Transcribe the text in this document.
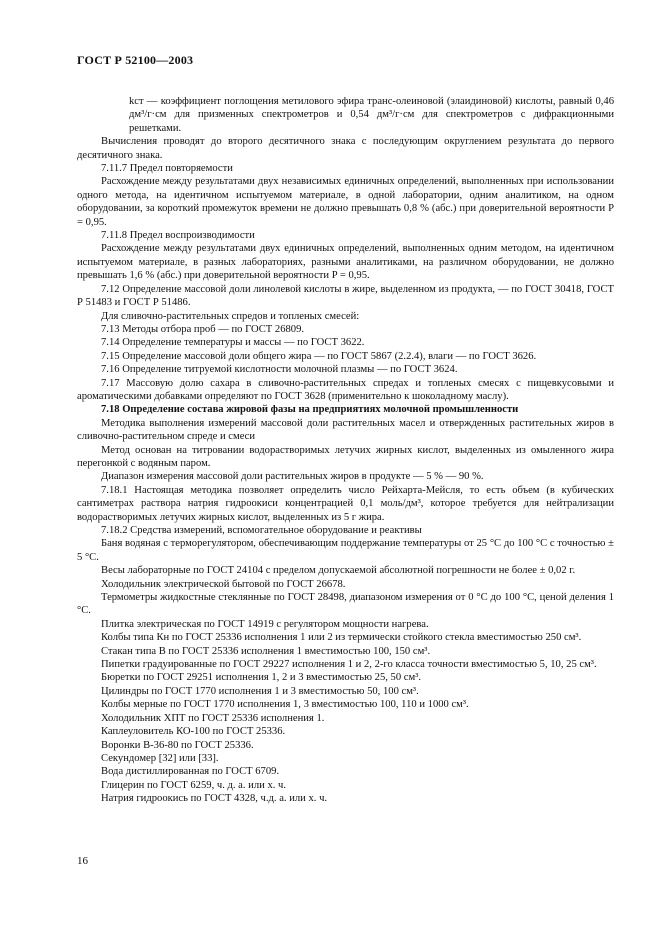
ГОСТ Р 52100—2003

kст — коэффициент поглощения метилового эфира транс-олеиновой (элаидиновой) кислоты, равный 0,46 дм³/г·см для призменных спектрометров и 0,54 дм³/г·см для спектрометров с дифракционными решетками.

Вычисления проводят до второго десятичного знака с последующим округлением результата до первого десятичного знака.

7.11.7 Предел повторяемости

Расхождение между результатами двух независимых единичных определений, выполненных при использовании одного метода, на идентичном испытуемом материале, в одной лаборатории, одним аналитиком, на одном оборудовании, за короткий промежуток времени не должно превышать 0,8 % (абс.) при доверительной вероятности P = 0,95.

7.11.8 Предел воспроизводимости

Расхождение между результатами двух единичных определений, выполненных одним методом, на идентичном испытуемом материале, в разных лабораториях, разными аналитиками, на различном оборудовании, не должно превышать 1,6 % (абс.) при доверительной вероятности P = 0,95.

7.12 Определение массовой доли линолевой кислоты в жире, выделенном из продукта, — по ГОСТ 30418, ГОСТ Р 51483 и ГОСТ Р 51486.

Для сливочно-растительных спредов и топленых смесей:

7.13 Методы отбора проб — по ГОСТ 26809.

7.14 Определение температуры и массы — по ГОСТ 3622.

7.15 Определение массовой доли общего жира — по ГОСТ 5867 (2.2.4), влаги — по ГОСТ 3626.

7.16 Определение титруемой кислотности молочной плазмы — по ГОСТ 3624.

7.17 Массовую долю сахара в сливочно-растительных спредах и топленых смесях с пищевкусовыми и ароматическими добавками определяют по ГОСТ 3628 (применительно к шоколадному маслу).

7.18 Определение состава жировой фазы на предприятиях молочной промышленности

Методика выполнения измерений массовой доли растительных масел и отвержденных растительных жиров в сливочно-растительном спреде и смеси

Метод основан на титровании водорастворимых летучих жирных кислот, выделенных из омыленного жира перегонкой с водяным паром.

Диапазон измерения массовой доли растительных жиров в продукте — 5 % — 90 %.

7.18.1 Настоящая методика позволяет определить число Рейхарта-Мейсля, то есть объем (в кубических сантиметрах раствора натрия гидроокиси концентрацией 0,1 моль/дм³, которое требуется для нейтрализации водорастворимых летучих жирных кислот, выделенных из 5 г жира.

7.18.2 Средства измерений, вспомогательное оборудование и реактивы

Баня водяная с терморегулятором, обеспечивающим поддержание температуры от 25 °С до 100 °С с точностью ± 5 °С.

Весы лабораторные по ГОСТ 24104 с пределом допускаемой абсолютной погрешности не более ± 0,02 г.

Холодильник электрической бытовой по ГОСТ 26678.

Термометры жидкостные стеклянные по ГОСТ 28498, диапазоном измерения от 0 °С до 100 °С, ценой деления 1 °С.

Плитка электрическая по ГОСТ 14919 с регулятором мощности нагрева.

Колбы типа Кн по ГОСТ 25336 исполнения 1 или 2 из термически стойкого стекла вместимостью 250 см³.

Стакан типа В по ГОСТ 25336 исполнения 1 вместимостью 100, 150 см³.

Пипетки градуированные по ГОСТ 29227 исполнения 1 и 2, 2-го класса точности вместимостью 5, 10, 25 см³.

Бюретки по ГОСТ 29251 исполнения 1, 2 и 3 вместимостью 25, 50 см³.

Цилиндры по ГОСТ 1770 исполнения 1 и 3 вместимостью 50, 100 см³.

Колбы мерные по ГОСТ 1770 исполнения 1, 3 вместимостью 100, 110 и 1000 см³.

Холодильник ХПТ по ГОСТ 25336 исполнения 1.

Каплеуловитель КО-100 по ГОСТ 25336.

Воронки В-36-80 по ГОСТ 25336.

Секундомер [32] или [33].

Вода дистиллированная по ГОСТ 6709.

Глицерин по ГОСТ 6259, ч. д. а. или х. ч.

Натрия гидроокись по ГОСТ 4328, ч.д. а. или х. ч.

16
